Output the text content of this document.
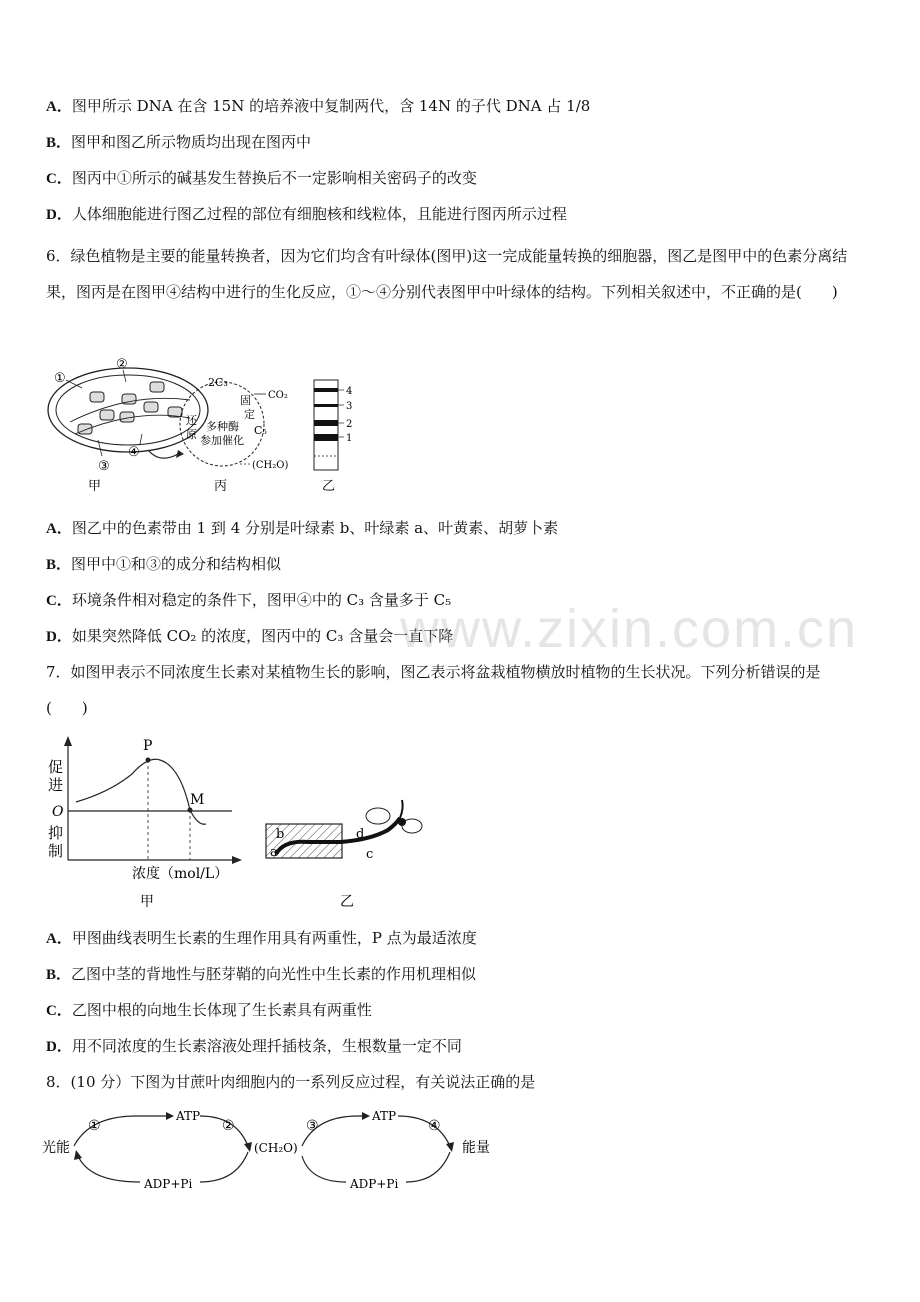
A．图甲所示 DNA 在含 15N 的培养液中复制两代，含 14N 的子代 DNA 占 1/8
B．图甲和图乙所示物质均出现在图丙中
C．图丙中①所示的碱基发生替换后不一定影响相关密码子的改变
D．人体细胞能进行图乙过程的部位有细胞核和线粒体，且能进行图丙所示过程
6．绿色植物是主要的能量转换者，因为它们均含有叶绿体(图甲)这一完成能量转换的细胞器，图乙是图甲中的色素分离结果，图丙是在图甲④结构中进行的生化反应，①～④分别代表图甲中叶绿体的结构。下列相关叙述中，不正确的是(　　)
①
②
③
④
甲
2C₃
CO₂
固
定
还
原
多种酶
参加催化
C₅
(CH₂O)
丙
4
3
2
1
乙
A．图乙中的色素带由 1 到 4 分别是叶绿素 b、叶绿素 a、叶黄素、胡萝卜素
B．图甲中①和③的成分和结构相似
C．环境条件相对稳定的条件下，图甲④中的 C₃ 含量多于 C₅
D．如果突然降低 CO₂ 的浓度，图丙中的 C₃ 含量会一直下降
www.zixin.com.cn
7．如图甲表示不同浓度生长素对某植物生长的影响，图乙表示将盆栽植物横放时植物的生长状况。下列分析错误的是
(　　)
P
M
促
进
O
抑
制
浓度（mol/L）
甲
a
b
c
d
乙
A．甲图曲线表明生长素的生理作用具有两重性，P 点为最适浓度
B．乙图中茎的背地性与胚芽鞘的向光性中生长素的作用机理相似
C．乙图中根的向地生长体现了生长素具有两重性
D．用不同浓度的生长素溶液处理扦插枝条，生根数量一定不同
8．(10 分）下图为甘蔗叶肉细胞内的一系列反应过程，有关说法正确的是
光能
①
ATP
②
ADP+Pi
(CH₂O)
③
ATP
④
ADP+Pi
能量
